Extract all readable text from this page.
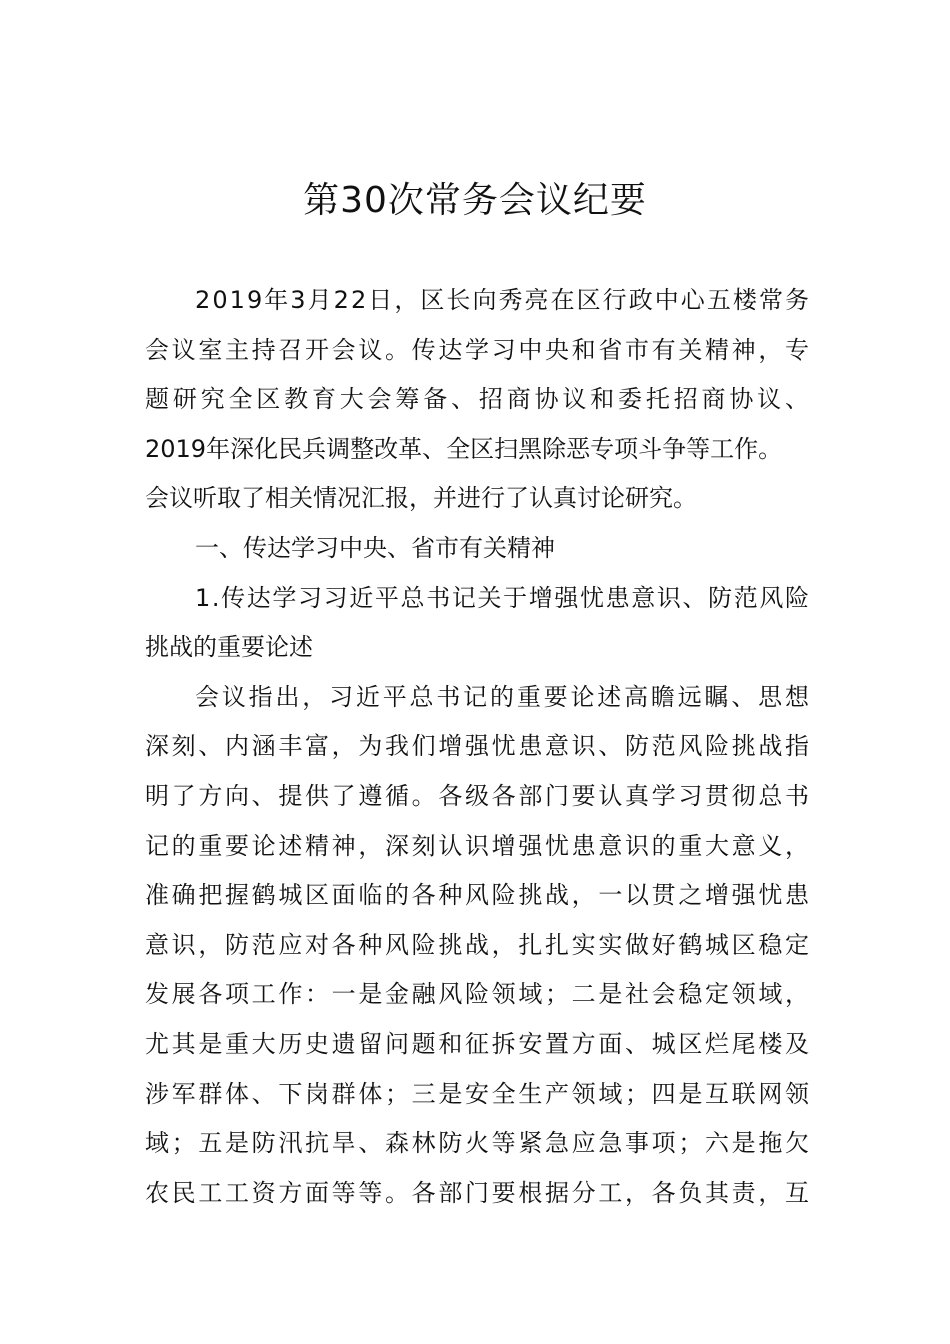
第30次常务会议纪要
2019年3月22日，区长向秀亮在区行政中心五楼常务
会议室主持召开会议。传达学习中央和省市有关精神，专
题研究全区教育大会筹备、招商协议和委托招商协议、
2019年深化民兵调整改革、全区扫黑除恶专项斗争等工作。
会议听取了相关情况汇报，并进行了认真讨论研究。
一、传达学习中央、省市有关精神
1.传达学习习近平总书记关于增强忧患意识、防范风险
挑战的重要论述
会议指出，习近平总书记的重要论述高瞻远瞩、思想
深刻、内涵丰富，为我们增强忧患意识、防范风险挑战指
明了方向、提供了遵循。各级各部门要认真学习贯彻总书
记的重要论述精神，深刻认识增强忧患意识的重大意义，
准确把握鹤城区面临的各种风险挑战，一以贯之增强忧患
意识，防范应对各种风险挑战，扎扎实实做好鹤城区稳定
发展各项工作：一是金融风险领域；二是社会稳定领域，
尤其是重大历史遗留问题和征拆安置方面、城区烂尾楼及
涉军群体、下岗群体；三是安全生产领域；四是互联网领
域；五是防汛抗旱、森林防火等紧急应急事项；六是拖欠
农民工工资方面等等。各部门要根据分工，各负其责，互
